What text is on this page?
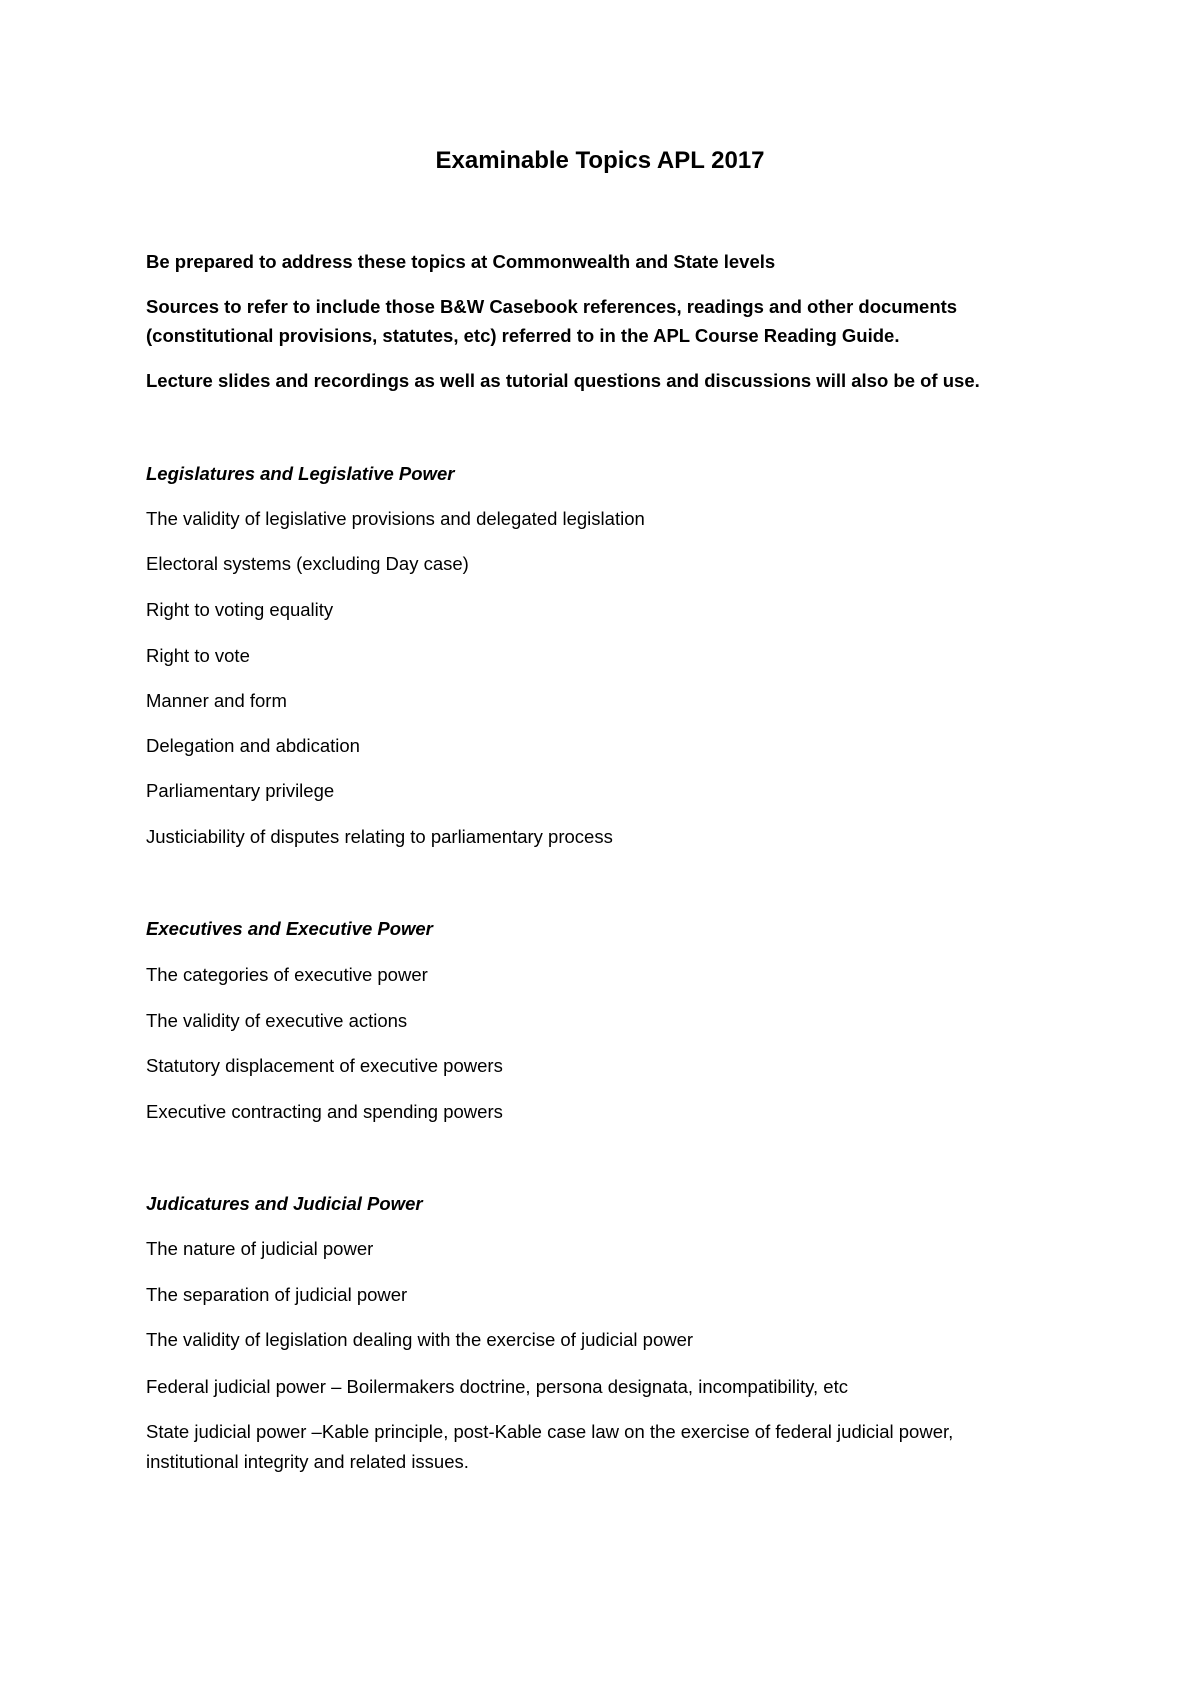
Examinable Topics APL 2017
Be prepared to address these topics at Commonwealth and State levels
Sources to refer to include those B&W Casebook references, readings and other documents
(constitutional provisions, statutes, etc) referred to in the APL Course Reading Guide.
Lecture slides and recordings as well as tutorial questions and discussions will also be of use.
Legislatures and Legislative Power
The validity of legislative provisions and delegated legislation
Electoral systems (excluding Day case)
Right to voting equality
Right to vote
Manner and form
Delegation and abdication
Parliamentary privilege
Justiciability of disputes relating to parliamentary process
Executives and Executive Power
The categories of executive power
The validity of executive actions
Statutory displacement of executive powers
Executive contracting and spending powers
Judicatures and Judicial Power
The nature of judicial power
The separation of judicial power
The validity of legislation dealing with the exercise of judicial power
Federal judicial power – Boilermakers doctrine, persona designata, incompatibility, etc
State judicial power –Kable principle, post-Kable case law on the exercise of federal judicial power,
institutional integrity and related issues.
